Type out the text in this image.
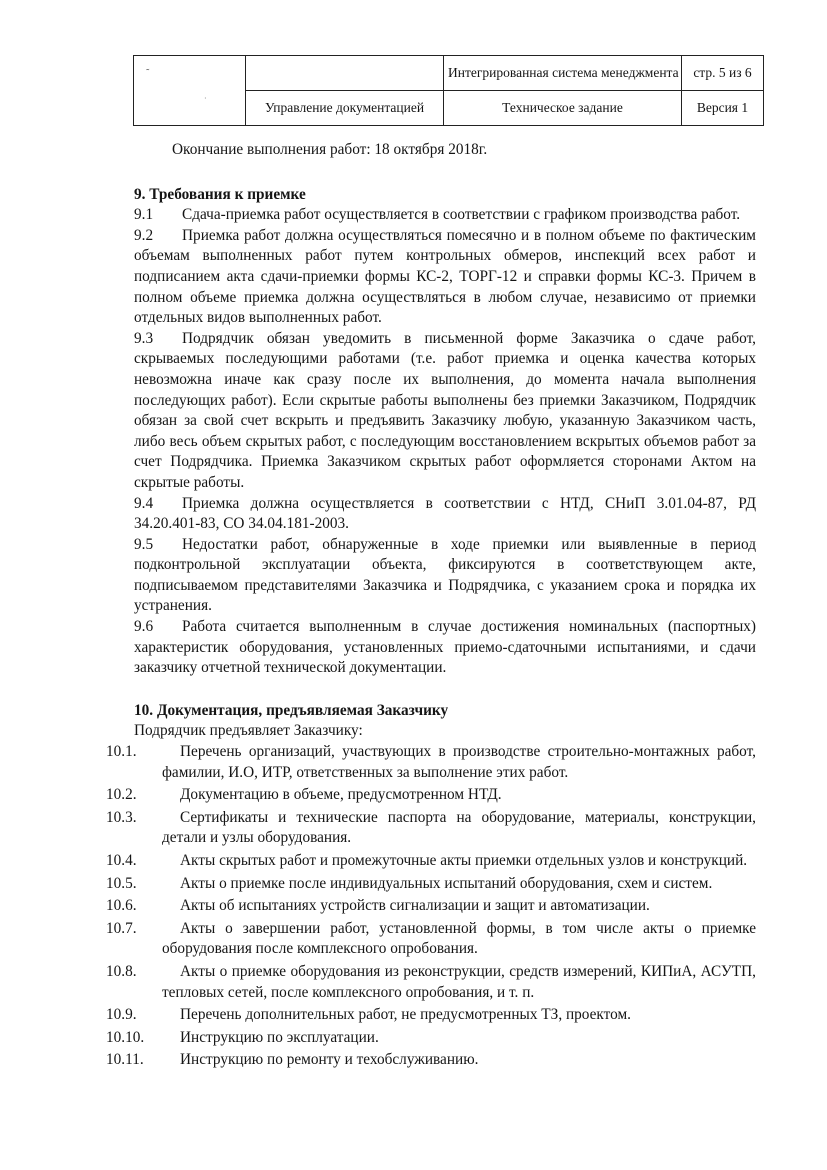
˜
·		Интегрированная система менеджмента	стр. 5 из 6
	Управление документацией	Техническое задание	Версия 1

Окончание выполнения работ: 18 октября 2018г.

9. Требования к приемке

9.1 Сдача-приемка работ осуществляется в соответствии с графиком производства работ.

9.2 Приемка работ должна осуществляться помесячно и в полном объеме по фактическим объемам выполненных работ путем контрольных обмеров, инспекций всех работ и подписанием акта сдачи-приемки формы КС-2, ТОРГ-12 и справки формы КС-3. Причем в полном объеме приемка должна осуществляться в любом случае, независимо от приемки отдельных видов выполненных работ.

9.3 Подрядчик обязан уведомить в письменной форме Заказчика о сдаче работ, скрываемых последующими работами (т.е. работ приемка и оценка качества которых невозможна иначе как сразу после их выполнения, до момента начала выполнения последующих работ). Если скрытые работы выполнены без приемки Заказчиком, Подрядчик обязан за свой счет вскрыть и предъявить Заказчику любую, указанную Заказчиком часть, либо весь объем скрытых работ, с последующим восстановлением вскрытых объемов работ за счет Подрядчика. Приемка Заказчиком скрытых работ оформляется сторонами Актом на скрытые работы.

9.4 Приемка должна осуществляется в соответствии с НТД, СНиП 3.01.04-87, РД 34.20.401-83, СО 34.04.181-2003.

9.5 Недостатки работ, обнаруженные в ходе приемки или выявленные в период подконтрольной эксплуатации объекта, фиксируются в соответствующем акте, подписываемом представителями Заказчика и Подрядчика, с указанием срока и порядка их устранения.

9.6 Работа считается выполненным в случае достижения номинальных (паспортных) характеристик оборудования, установленных приемо-сдаточными испытаниями, и сдачи заказчику отчетной технической документации.

10. Документация, предъявляемая Заказчику

Подрядчик предъявляет Заказчику:

10.1.	Перечень организаций, участвующих в производстве строительно-монтажных работ, фамилии, И.О, ИТР, ответственных за выполнение этих работ.

10.2.	Документацию в объеме, предусмотренном НТД.

10.3.	Сертификаты и технические паспорта на оборудование, материалы, конструкции, детали и узлы оборудования.

10.4.	Акты скрытых работ и промежуточные акты приемки отдельных узлов и конструкций.

10.5.	Акты о приемке после индивидуальных испытаний оборудования, схем и систем.

10.6.	Акты об испытаниях устройств сигнализации и защит и автоматизации.

10.7.	Акты о завершении работ, установленной формы, в том числе акты о приемке оборудования после комплексного опробования.

10.8.	Акты о приемке оборудования из реконструкции, средств измерений, КИПиА, АСУТП, тепловых сетей, после комплексного опробования, и т. п.

10.9.	Перечень дополнительных работ, не предусмотренных ТЗ, проектом.

10.10. Инструкцию по эксплуатации.

10.11. Инструкцию по ремонту и техобслуживанию.
